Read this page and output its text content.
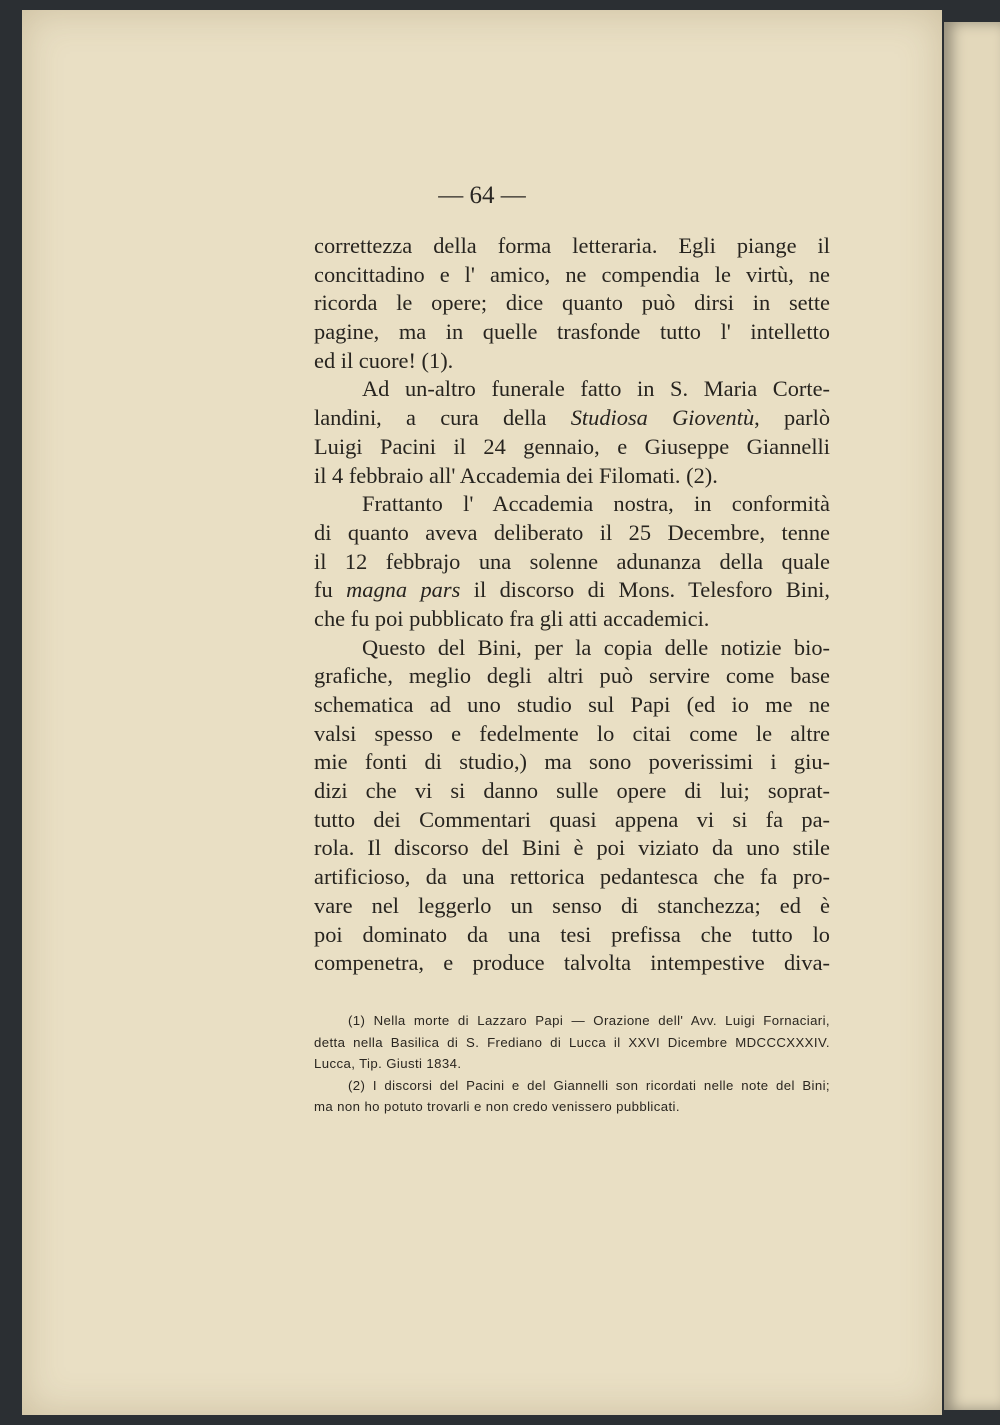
— 64 —
correttezza della forma letteraria. Egli piange il
concittadino e l' amico, ne compendia le virtù, ne
ricorda le opere; dice quanto può dirsi in sette
pagine, ma in quelle trasfonde tutto l' intelletto
ed il cuore! (1).
Ad un-altro funerale fatto in S. Maria Corte-
landini, a cura della Studiosa Gioventù, parlò
Luigi Pacini il 24 gennaio, e Giuseppe Giannelli
il 4 febbraio all' Accademia dei Filomati. (2).
Frattanto l' Accademia nostra, in conformità
di quanto aveva deliberato il 25 Decembre, tenne
il 12 febbrajo una solenne adunanza della quale
fu magna pars il discorso di Mons. Telesforo Bini,
che fu poi pubblicato fra gli atti accademici.
Questo del Bini, per la copia delle notizie bio-
grafiche, meglio degli altri può servire come base
schematica ad uno studio sul Papi (ed io me ne
valsi spesso e fedelmente lo citai come le altre
mie fonti di studio,) ma sono poverissimi i giu-
dizi che vi si danno sulle opere di lui; soprat-
tutto dei Commentari quasi appena vi si fa pa-
rola. Il discorso del Bini è poi viziato da uno stile
artificioso, da una rettorica pedantesca che fa pro-
vare nel leggerlo un senso di stanchezza; ed è
poi dominato da una tesi prefissa che tutto lo
compenetra, e produce talvolta intempestive diva-
(1) Nella morte di Lazzaro Papi — Orazione dell' Avv. Luigi Fornaciari,
detta nella Basilica di S. Frediano di Lucca il XXVI Dicembre MDCCCXXXIV.
Lucca, Tip. Giusti 1834.
(2) I discorsi del Pacini e del Giannelli son ricordati nelle note del Bini;
ma non ho potuto trovarli e non credo venissero pubblicati.
